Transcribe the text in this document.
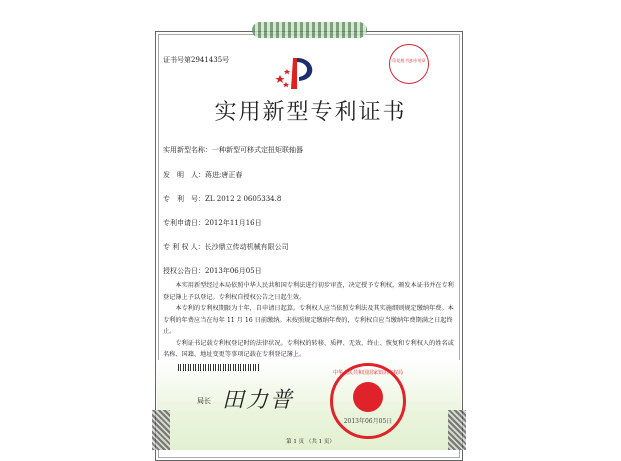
证书号第2941435号	印花税 代扣专用章
实用新型专利证书
实用新型名称：一种新型可移式定扭矩联轴器
发　明　人：蒋进;唐正春
专　利　号：ZL 2012 2 0605334.8
专利申请日：2012年11月16日
专 利 权 人：长沙鼎立传动机械有限公司
授权公告日：2013年06月05日

本实用新型经过本局依照中华人民共和国专利法进行初步审查，决定授予专利权，颁发本证书并在专利登记簿上予以登记。专利权自授权公告之日起生效。

本专利的专利权期限为十年，自申请日起算。专利权人应当依照专利法及其实施细则规定缴纳年费。本专利的年费应当在每年 11 月 16 日前缴纳。未按照规定缴纳年费的，专利权自应当缴纳年费期满之日起终止。

专利证书记载专利权登记时的法律状况。专利权的转移、质押、无效、终止、恢复和专利权人的姓名或名称、国籍、地址变更等事项记载在专利登记簿上。

局长 田力普
中华人民共和国国家知识产权局
2013年06月05日
第 1 页 （共 1 页）
